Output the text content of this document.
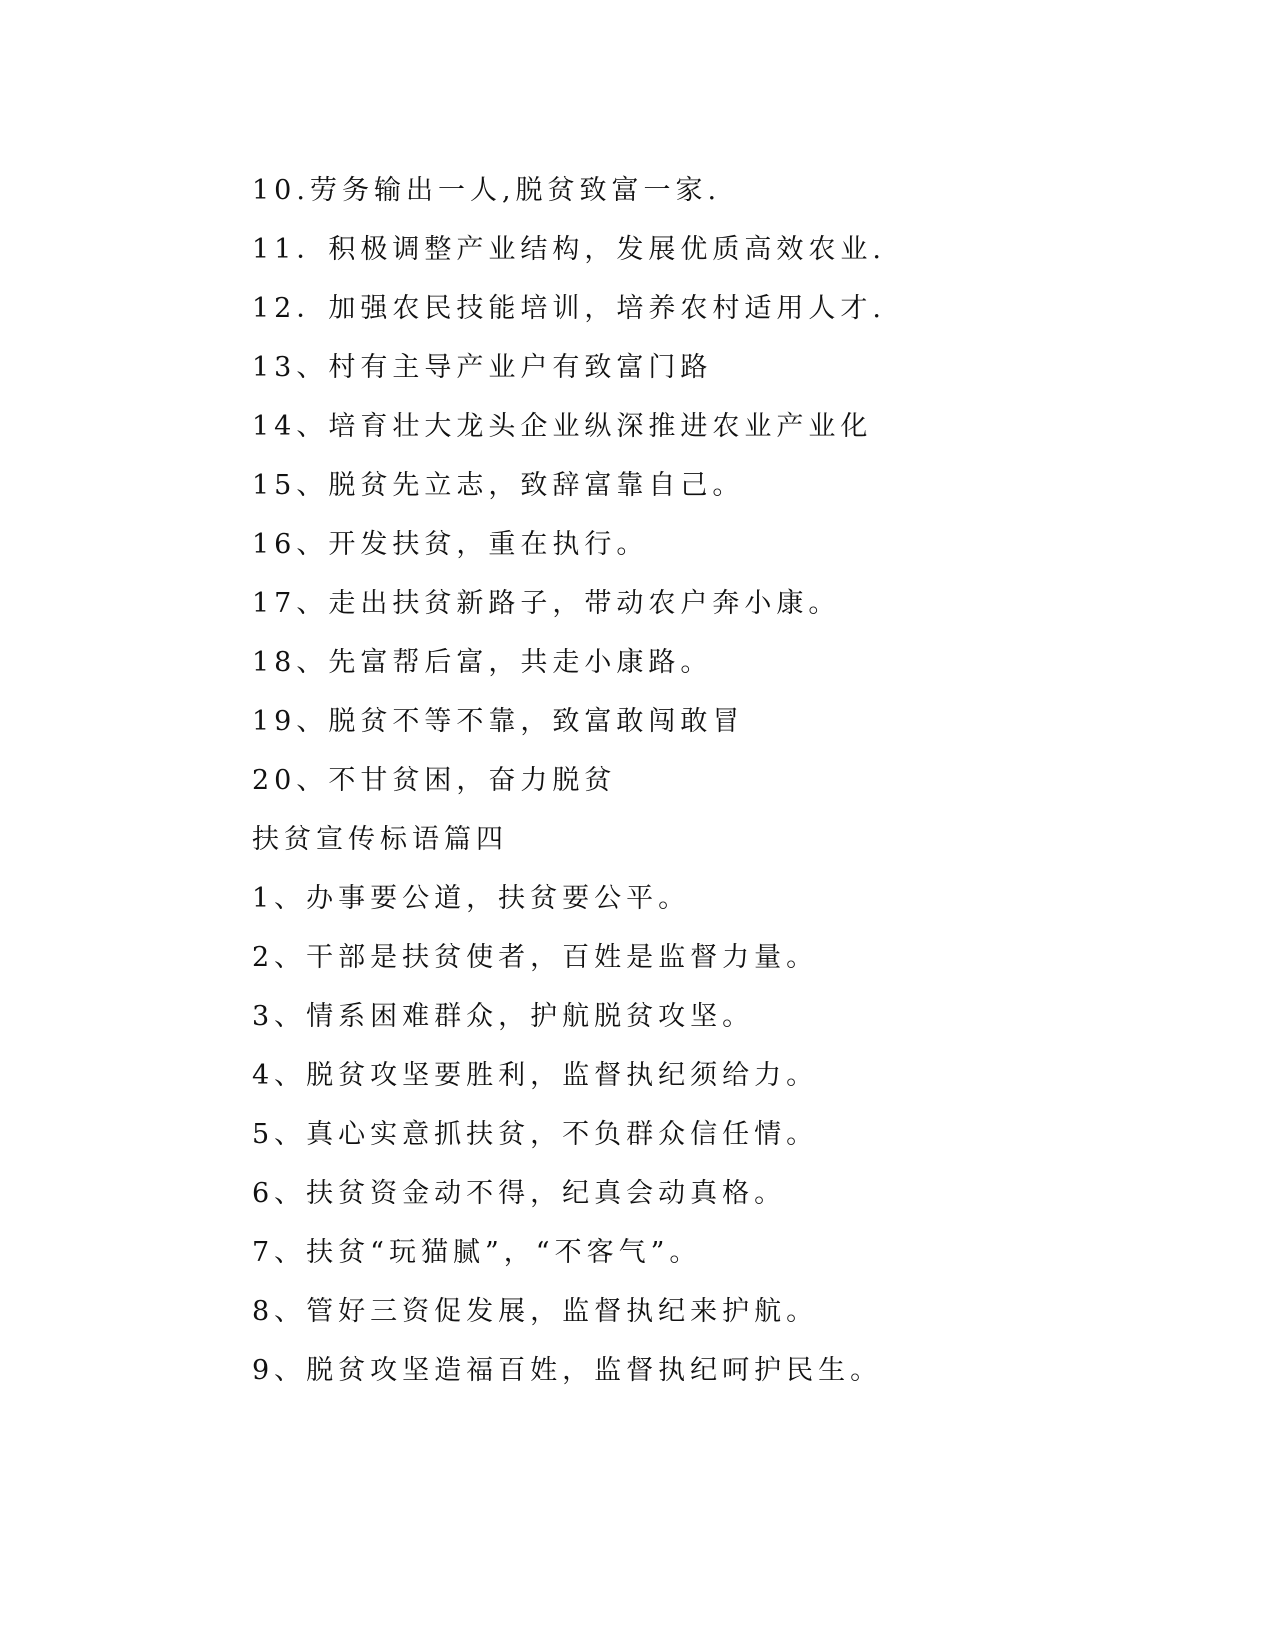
10.劳务输出一人,脱贫致富一家.
11．积极调整产业结构，发展优质高效农业.
12．加强农民技能培训，培养农村适用人才.
13、村有主导产业户有致富门路
14、培育壮大龙头企业纵深推进农业产业化
15、脱贫先立志，致辞富靠自己。
16、开发扶贫，重在执行。
17、走出扶贫新路子，带动农户奔小康。
18、先富帮后富，共走小康路。
19、脱贫不等不靠，致富敢闯敢冒
20、不甘贫困，奋力脱贫
扶贫宣传标语篇四
1、办事要公道，扶贫要公平。
2、干部是扶贫使者，百姓是监督力量。
3、情系困难群众，护航脱贫攻坚。
4、脱贫攻坚要胜利，监督执纪须给力。
5、真心实意抓扶贫，不负群众信任情。
6、扶贫资金动不得，纪真会动真格。
7、扶贫“玩猫腻”，“不客气”。
8、管好三资促发展，监督执纪来护航。
9、脱贫攻坚造福百姓，监督执纪呵护民生。
